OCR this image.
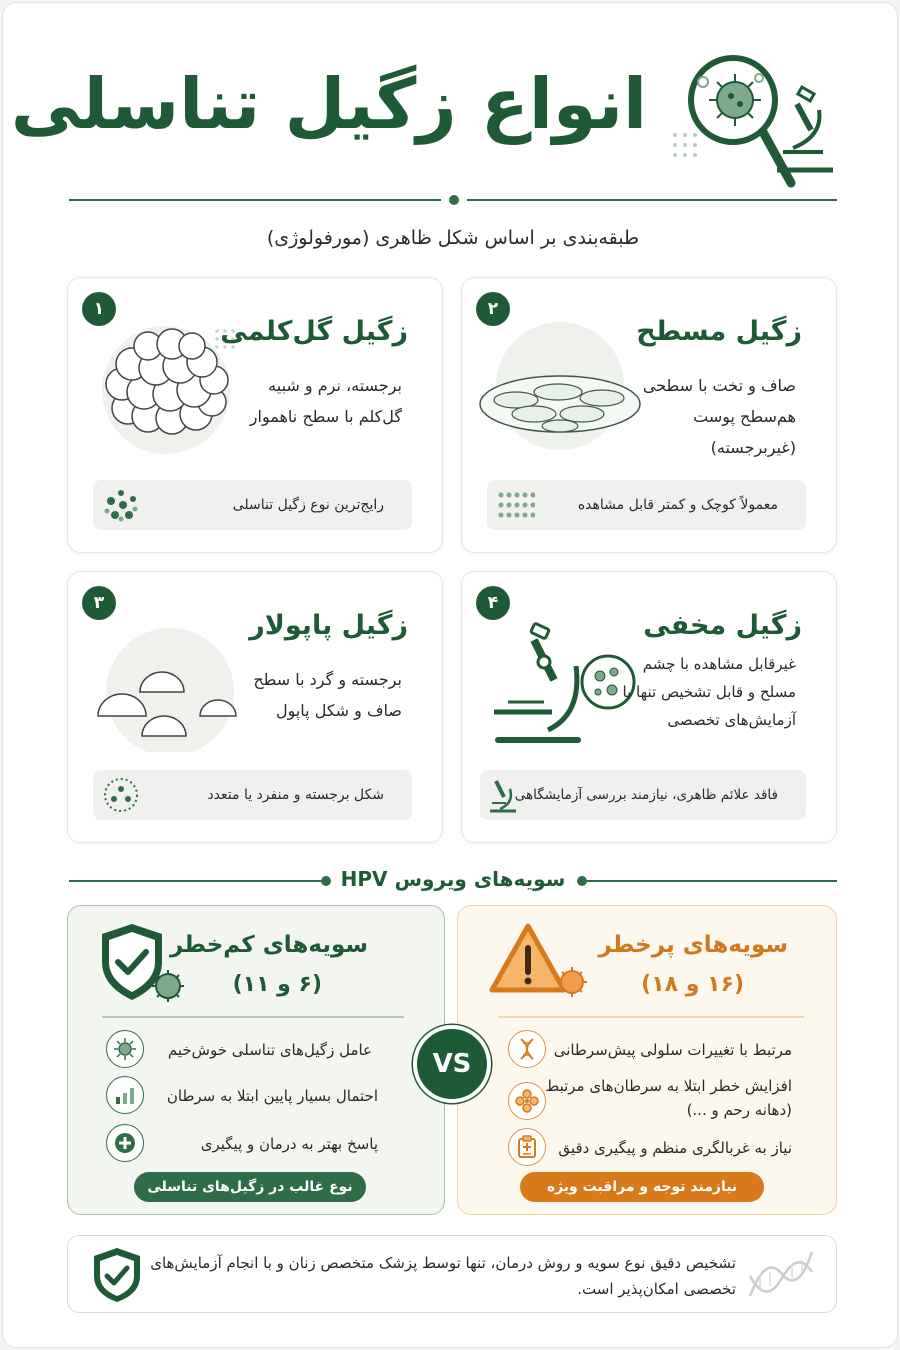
انواع زگیل تناسلی
طبقه‌بندی بر اساس شکل ظاهری (مورفولوژی)
۱
زگیل گل‌کلمی
برجسته، نرم و شبیه گل‌کلم با سطح ناهموار
رایج‌ترین نوع زگیل تناسلی
۲
زگیل مسطح
صاف و تخت با سطحی هم‌سطح پوست (غیربرجسته)
معمولاً کوچک و کمتر قابل مشاهده
۳
زگیل پاپولار
برجسته و گرد با سطح صاف و شکل پاپول
شکل برجسته و منفرد یا متعدد
۴
زگیل مخفی
غیرقابل مشاهده با چشم مسلح و قابل تشخیص تنها با آزمایش‌های تخصصی
فاقد علائم ظاهری، نیازمند بررسی آزمایشگاهی
سویه‌های ویروس HPV
سویه‌های کم‌خطر
(۶ و ۱۱)
عامل زگیل‌های تناسلی خوش‌خیم
احتمال بسیار پایین ابتلا به سرطان
پاسخ بهتر به درمان و پیگیری
نوع غالب در زگیل‌های تناسلی
سویه‌های پرخطر
(۱۶ و ۱۸)
مرتبط با تغییرات سلولی پیش‌سرطانی
افزایش خطر ابتلا به سرطان‌های مرتبط (دهانه رحم و ...)
نیاز به غربالگری منظم و پیگیری دقیق
نیازمند توجه و مراقبت ویژه
VS
تشخیص دقیق نوع سویه و روش درمان، تنها توسط پزشک متخصص زنان و با انجام آزمایش‌های تخصصی امکان‌پذیر است.
